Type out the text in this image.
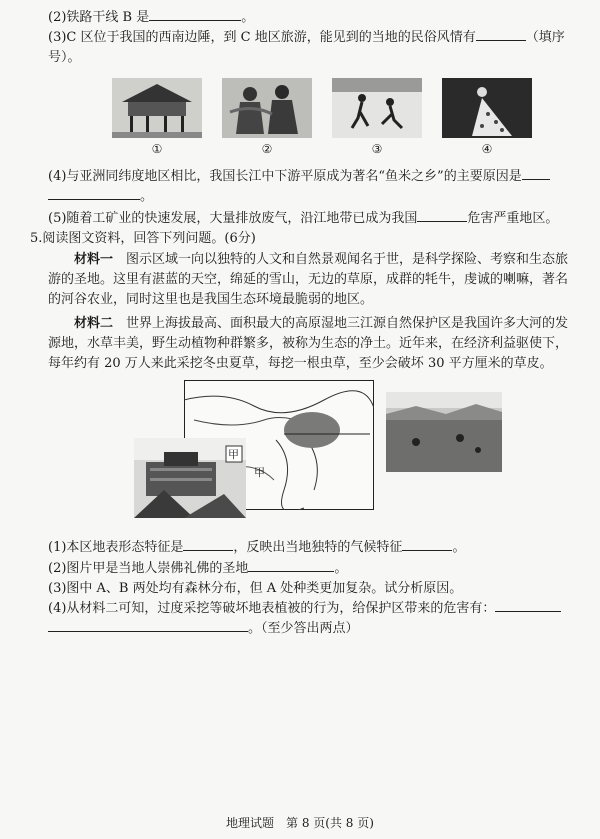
(2)铁路干线 B 是	。

(3)C 区位于我国的西南边陲，到 C 地区旅游，能见到的当地的民俗风情有	（填序

号）。

①	②	③	④

(4)与亚洲同纬度地区相比，我国长江中下游平原成为著名“鱼米之乡”的主要原因是

。

(5)随着工矿业的快速发展，大量排放废气，沿江地带已成为我国	危害严重地区。

5.阅读图文资料，回答下列问题。(6分)

材料一　 图示区域一向以独特的人文和自然景观闻名于世，是科学探险、考察和生态旅游的圣地。这里有湛蓝的天空，绵延的雪山，无边的草原，成群的牦牛，虔诚的喇嘛，著名的河谷农业，同时这里也是我国生态环境最脆弱的地区。

材料二　 世界上海拔最高、面积最大的高原湿地三江源自然保护区是我国许多大河的发源地，水草丰美，野生动植物种群繁多，被称为生态的净土。近年来，在经济利益驱使下，每年约有 20 万人来此采挖冬虫夏草，每挖一根虫草，至少会破坏 30 平方厘米的草皮。

甲
甲

(1)本区地表形态特征是	，反映出当地独特的气候特征	。

(2)图片甲是当地人崇佛礼佛的圣地	。

(3)图中 A、B 两处均有森林分布，但 A 处种类更加复杂。试分析原因。

(4)从材料二可知，过度采挖等破坏地表植被的行为，给保护区带来的危害有：

。（至少答出两点）

地理试题　第 8 页(共 8 页)
